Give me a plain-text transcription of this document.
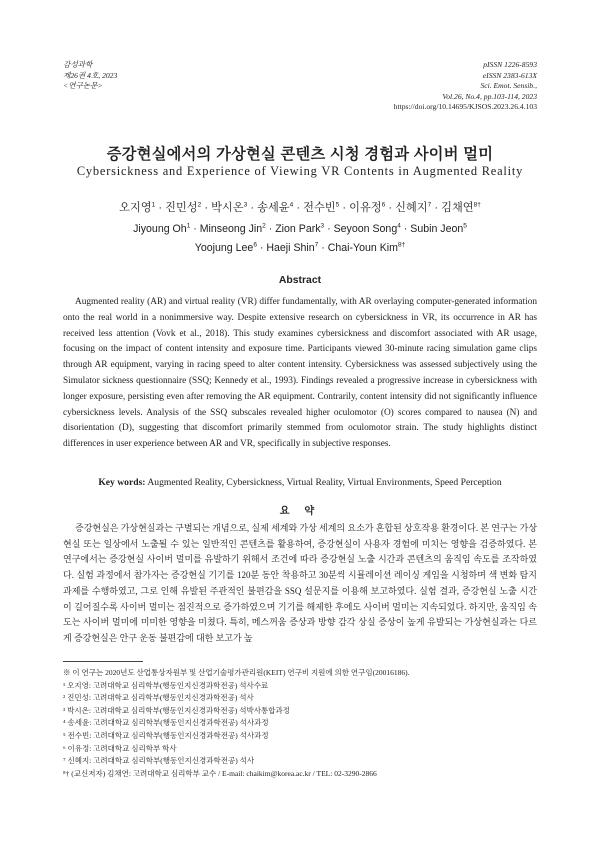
감성과학
제26권 4호, 2023
<연구논문>
pISSN 1226-8593
eISSN 2383-613X
Sci. Emot. Sensib.,
Vol.26, No.4, pp.103-114, 2023
https://doi.org/10.14695/KJSOS.2023.26.4.103
증강현실에서의 가상현실 콘텐츠 시청 경험과 사이버 멀미
Cybersickness and Experience of Viewing VR Contents in Augmented Reality
오지영$^1$ · 진민성$^2$ · 박시온$^3$ · 송세윤$^4$ · 전수빈$^5$ · 이유정$^6$ · 신혜지$^7$ · 김채연$^{8\dagger}$
Jiyoung $Oh^1$ · Minseong Jin$^2$ · Zion Park$^3$ · Seyoon Song$^4$ · Subin Jeon$^5$
Yoojung Lee$^6$ · Haeji Shin$^7$ · Chai-Youn Kim$^{8\dagger}$
Abstract
Augmented reality (AR) and virtual reality (VR) differ fundamentally, with AR overlaying computer-generated information onto the real world in a nonimmersive way. Despite extensive research on cybersickness in VR, its occurrence in AR has received less attention (Vovk et al., 2018). This study examines cybersickness and discomfort associated with AR usage, focusing on the impact of content intensity and exposure time. Participants viewed 30-minute racing simulation game clips through AR equipment, varying in racing speed to alter content intensity. Cybersickness was assessed subjectively using the Simulator sickness questionnaire (SSQ; Kennedy et al., 1993). Findings revealed a progressive increase in cybersickness with longer exposure, persisting even after removing the AR equipment. Contrarily, content intensity did not significantly influence cybersickness levels. Analysis of the SSQ subscales revealed higher oculomotor (O) scores compared to nausea (N) and disorientation (D), suggesting that discomfort primarily stemmed from oculomotor strain. The study highlights distinct differences in user experience between AR and VR, specifically in subjective responses.
Key words: Augmented Reality, Cybersickness, Virtual Reality, Virtual Environments, Speed Perception
요 약
증강현실은 가상현실과는 구별되는 개념으로, 실제 세계와 가상 세계의 요소가 혼합된 상호작용 환경이다. 본 연구는 가상현실 또는 일상에서 노출될 수 있는 일반적인 콘텐츠를 활용하여, 증강현실이 사용자 경험에 미치는 영향을 검증하였다. 본 연구에서는 증강현실 사이버 멀미를 유발하기 위해서 조건에 따라 증강현실 노출 시간과 콘텐츠의 움직임 속도를 조작하였다. 실험 과정에서 참가자는 증강현실 기기를 120분 동안 착용하고 30분씩 시뮬레이션 레이싱 게임을 시청하며 색 변화 탐지 과제를 수행하였고, 그로 인해 유발된 주관적인 불편감을 SSQ 설문지를 이용해 보고하였다. 실험 결과, 증강현실 노출 시간이 길어질수록 사이버 멀미는 점진적으로 증가하였으며 기기를 해제한 후에도 사이버 멀미는 지속되었다. 하지만, 움직임 속도는 사이버 멀미에 미미한 영향을 미쳤다. 특히, 메스꺼움 증상과 방향 감각 상실 증상이 높게 유발되는 가상현실과는 다르게 증강현실은 안구 운동 불편감에 대한 보고가 높
※ 이 연구는 2020년도 산업통상자원부 및 산업기술평가관리원(KEIT) 연구비 지원에 의한 연구임(20016186).
¹ 오지영: 고려대학교 심리학부(행동인지신경과학전공) 석사수료
² 진민성: 고려대학교 심리학부(행동인지신경과학전공) 석사
³ 박시온: 고려대학교 심리학부(행동인지신경과학전공) 석박사통합과정
⁴ 송세윤: 고려대학교 심리학부(행동인지신경과학전공) 석사과정
⁵ 전수빈: 고려대학교 심리학부(행동인지신경과학전공) 석사과정
⁶ 이유정: 고려대학교 심리학부 학사
⁷ 신혜지: 고려대학교 심리학부(행동인지신경과학전공) 석사
⁸† (교신저자) 김채연: 고려대학교 심리학부 교수 / E-mail: chaikim@korea.ac.kr / TEL: 02-3290-2866
